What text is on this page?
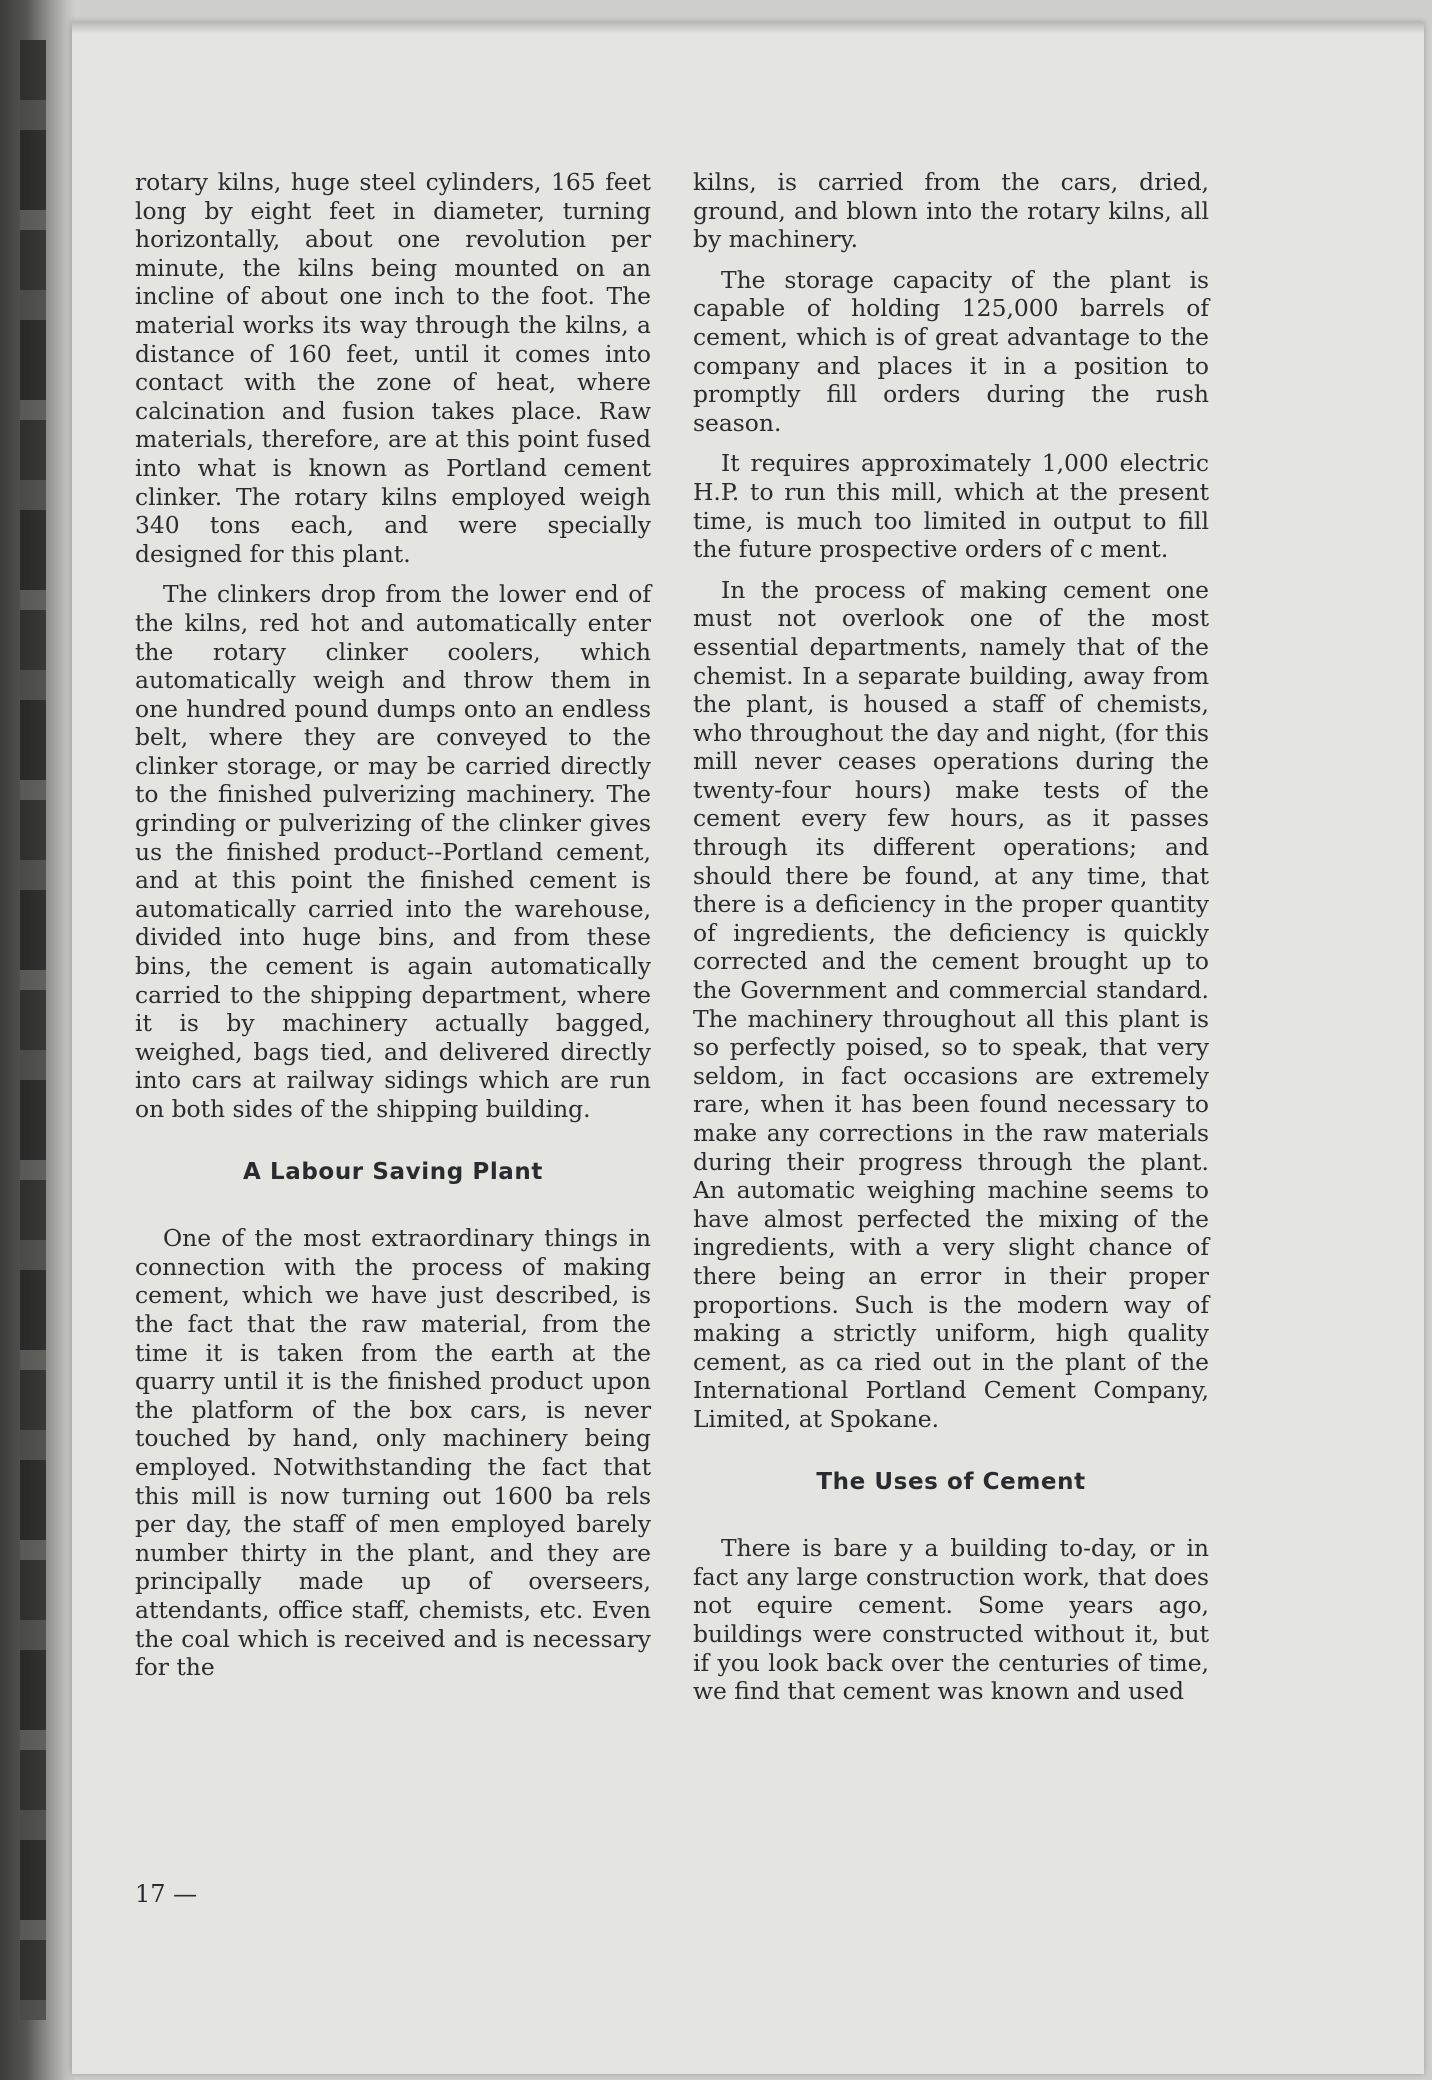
rotary kilns, huge steel cylinders, 165 feet long by eight feet in diameter, turning horizontally, about one revolution per minute, the kilns being mounted on an incline of about one inch to the foot. The material works its way through the kilns, a distance of 160 feet, until it comes into contact with the zone of heat, where calcination and fusion takes place. Raw materials, therefore, are at this point fused into what is known as Portland cement clinker. The rotary kilns employed weigh 340 tons each, and were specially designed for this plant.

The clinkers drop from the lower end of the kilns, red hot and automatically enter the rotary clinker coolers, which automatically weigh and throw them in one hundred pound dumps onto an endless belt, where they are conveyed to the clinker storage, or may be carried directly to the finished pulverizing machinery. The grinding or pulverizing of the clinker gives us the finished product--Portland cement, and at this point the finished cement is automatically carried into the warehouse, divided into huge bins, and from these bins, the cement is again automatically carried to the shipping department, where it is by machinery actually bagged, weighed, bags tied, and delivered directly into cars at railway sidings which are run on both sides of the shipping building.

A Labour Saving Plant

One of the most extraordinary things in connection with the process of making cement, which we have just described, is the fact that the raw material, from the time it is taken from the earth at the quarry until it is the finished product upon the platform of the box cars, is never touched by hand, only machinery being employed. Notwithstanding the fact that this mill is now turning out 1600 ba rels per day, the staff of men employed barely number thirty in the plant, and they are principally made up of overseers, attendants, office staff, chemists, etc. Even the coal which is received and is necessary for the

kilns, is carried from the cars, dried, ground, and blown into the rotary kilns, all by machinery.

The storage capacity of the plant is capable of holding 125,000 barrels of cement, which is of great advantage to the company and places it in a position to promptly fill orders during the rush season.

It requires approximately 1,000 electric H.P. to run this mill, which at the present time, is much too limited in output to fill the future prospective orders of c ment.

In the process of making cement one must not overlook one of the most essential departments, namely that of the chemist. In a separate building, away from the plant, is housed a staff of chemists, who throughout the day and night, (for this mill never ceases operations during the twenty-four hours) make tests of the cement every few hours, as it passes through its different operations; and should there be found, at any time, that there is a deficiency in the proper quantity of ingredients, the deficiency is quickly corrected and the cement brought up to the Government and commercial standard. The machinery throughout all this plant is so perfectly poised, so to speak, that very seldom, in fact occasions are extremely rare, when it has been found necessary to make any corrections in the raw materials during their progress through the plant. An automatic weighing machine seems to have almost perfected the mixing of the ingredients, with a very slight chance of there being an error in their proper proportions. Such is the modern way of making a strictly uniform, high quality cement, as ca ried out in the plant of the International Portland Cement Company, Limited, at Spokane.

The Uses of Cement

There is bare y a building to-day, or in fact any large construction work, that does not equire cement. Some years ago, buildings were constructed without it, but if you look back over the centuries of time, we find that cement was known and used

17 —
